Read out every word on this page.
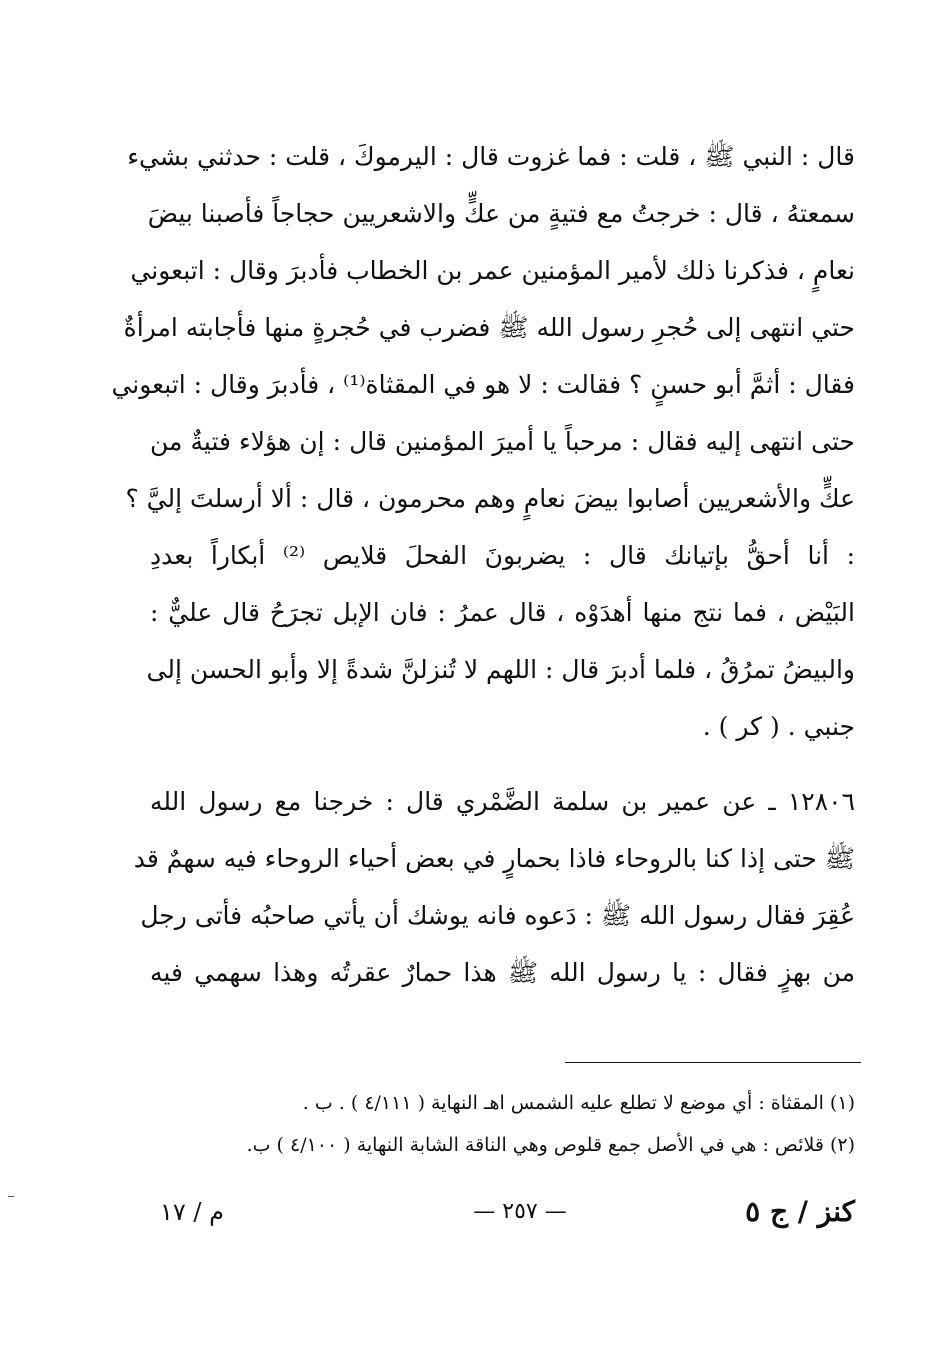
قال : النبي ﷺ ، قلت : فما غزوت قال : اليرموكَ ، قلت : حدثني بشيء
سمعتهُ ، قال : خرجتُ مع فتيةٍ من عكٍّ والاشعريين حجاجاً فأصبنا بيضَ
نعامٍ ، فذكرنا ذلك لأمير المؤمنين عمر بن الخطاب فأدبرَ وقال : اتبعوني
حتي انتهى إلى حُجرِ رسول الله ﷺ فضرب في حُجرةٍ منها فأجابته امرأةٌ
فقال : أثمَّ أبو حسنٍ ؟ فقالت : لا هو في المقثاة⁽¹⁾ ، فأدبرَ وقال : اتبعوني
حتى انتهى إليه فقال : مرحباً يا أميرَ المؤمنين قال : إن هؤلاء فتيةٌ من
عكٍّ والأشعريين أصابوا بيضَ نعامٍ وهم محرمون ، قال : ألا أرسلتَ إليَّ ؟
: أنا أحقُّ بإتيانك قال : يضربونَ الفحلَ قلايص ⁽²⁾ أبكاراً بعددِ
البَيْض ، فما نتج منها أهدَوْه ، قال عمرُ : فان الإبل تجرَحُ قال عليٌّ :
والبيضُ تمرُقُ ، فلما أدبرَ قال : اللهم لا تُنزلنَّ شدةً إلا وأبو الحسن إلى
جنبي . ( كر ) .
١٢٨٠٦ ـ عن عمير بن سلمة الضَّمْري قال : خرجنا مع رسول الله
ﷺ حتى إذا كنا بالروحاء فاذا بحمارٍ في بعض أحياء الروحاء فيه سهمٌ قد
عُقِرَ فقال رسول الله ﷺ : دَعوه فانه يوشك أن يأتي صاحبُه فأتى رجل
من بهزٍ فقال : يا رسول الله ﷺ هذا حمارٌ عقرتُه وهذا سهمي فيه
(١) المقثاة : أي موضع لا تطلع عليه الشمس اهـ النهاية ( ٤/١١١ ) . ب .
(٢) قلائص : هي في الأصل جمع قلوص وهي الناقة الشابة النهاية ( ٤/١٠٠ ) ب.
كنز / ج ٥
— ٢٥٧ —
م / ١٧
